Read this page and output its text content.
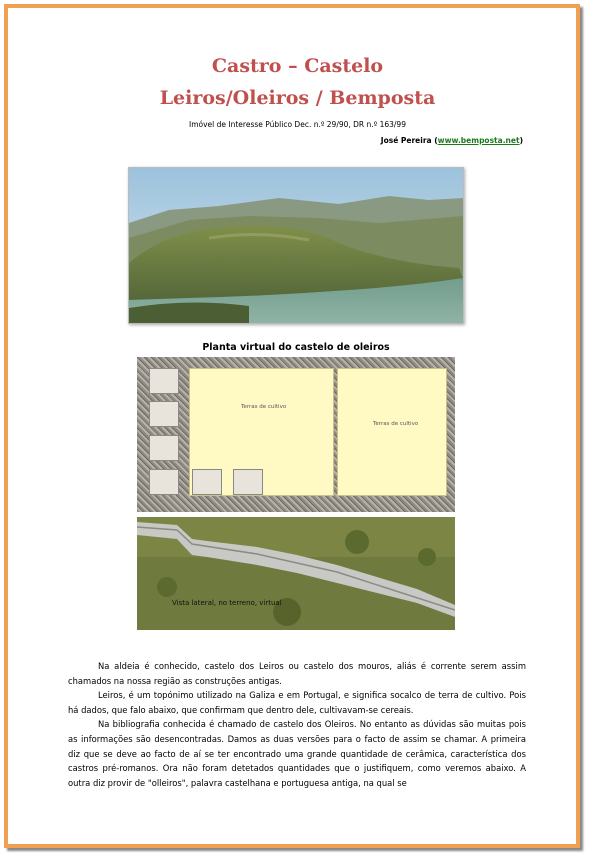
Castro – Castelo
Leiros/Oleiros / Bemposta
Imóvel de Interesse Público Dec. n.º 29/90, DR n.º 163/99
José Pereira (www.bemposta.net)
Planta virtual do castelo de oleiros
Terras de cultivo
Terras de cultivo
Vista lateral, no terreno, virtual

Na aldeia é conhecido, castelo dos Leiros ou castelo dos mouros, aliás é corrente serem assim chamados na nossa região as construções antigas.

Leiros, é um topónimo utilizado na Galiza e em Portugal, e significa socalco de terra de cultivo. Pois há dados, que falo abaixo, que confirmam que dentro dele, cultivavam-se cereais.

Na bibliografia conhecida é chamado de castelo dos Oleiros. No entanto as dúvidas são muitas pois as informações são desencontradas. Damos as duas versões para o facto de assim se chamar. A primeira diz que se deve ao facto de aí se ter encontrado uma grande quantidade de cerâmica, característica dos castros pré-romanos. Ora não foram detetados quantidades que o justifiquem, como veremos abaixo. A outra diz provir de "olleiros", palavra castelhana e portuguesa antiga, na qual se
